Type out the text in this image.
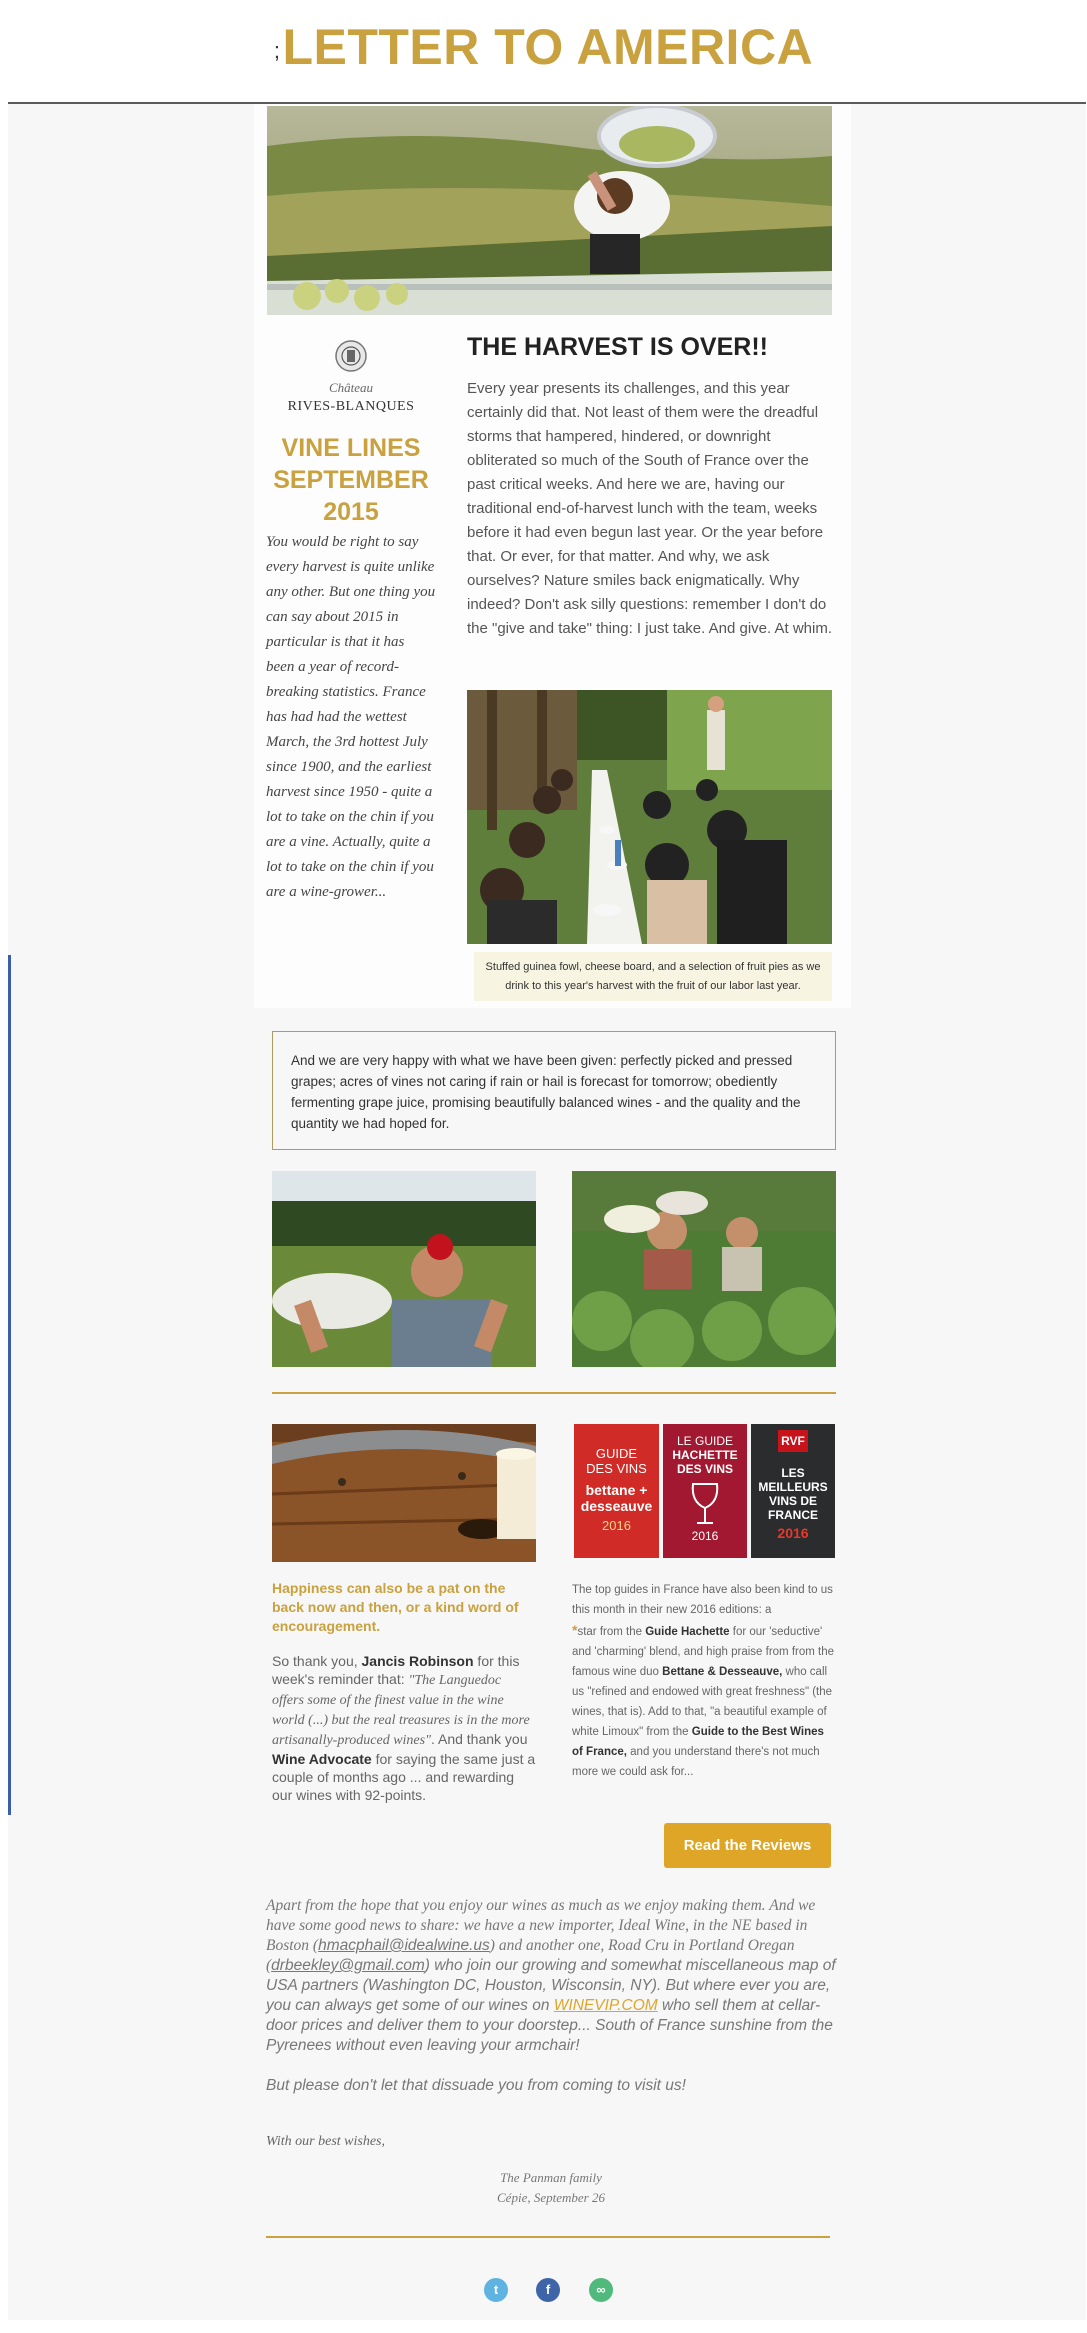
;LETTER TO AMERICA
Château
RIVES-BLANQUES
VINE LINES
SEPTEMBER
2015
You would be right to say every harvest is quite unlike any other. But one thing you can say about 2015 in particular is that it has been a year of record-breaking statistics. France has had had the wettest March, the 3rd hottest July since 1900, and the earliest harvest since 1950 - quite a lot to take on the chin if you are a vine. Actually, quite a lot to take on the chin if you are a wine-grower...
THE HARVEST IS OVER!!
Every year presents its challenges, and this year certainly did that. Not least of them were the dreadful storms that hampered, hindered, or downright obliterated so much of the South of France over the past critical weeks. And here we are, having our traditional end-of-harvest lunch with the team, weeks before it had even begun last year. Or the year before that. Or ever, for that matter. And why, we ask ourselves? Nature smiles back enigmatically. Why indeed? Don't ask silly questions: remember I don't do the "give and take" thing: I just take. And give. At whim.
Stuffed guinea fowl, cheese board, and a selection of fruit pies as we drink to this year's harvest with the fruit of our labor last year.
And we are very happy with what we have been given: perfectly picked and pressed grapes; acres of vines not caring if rain or hail is forecast for tomorrow; obediently fermenting grape juice, promising beautifully balanced wines - and the quality and the quantity we had hoped for.
GUIDE
DES VINS
bettane + desseauve
2016
LE GUIDE
HACHETTE DES VINS
2016
RVF
LES MEILLEURS
VINS DE FRANCE
2016
Happiness can also be a pat on the back now and then, or a kind word of encouragement.
So thank you, Jancis Robinson for this week's reminder that: "The Languedoc offers some of the finest value in the wine world (...) but the real treasures is in the more artisanally-produced wines". And thank you Wine Advocate for saying the same just a couple of months ago ... and rewarding our wines with 92-points.
The top guides in France have also been kind to us this month in their new 2016 editions: a
*star from the Guide Hachette for our 'seductive' and 'charming' blend, and high praise from from the famous wine duo Bettane & Desseauve, who call us "refined and endowed with great freshness" (the wines, that is). Add to that, "a beautiful example of white Limoux" from the Guide to the Best Wines of France, and you understand there's not much more we could ask for...
Read the Reviews
Apart from the hope that you enjoy our wines as much as we enjoy making them. And we have some good news to share: we have a new importer, Ideal Wine, in the NE based in Boston (hmacphail@idealwine.us) and another one, Road Cru in Portland Oregan (drbeekley@gmail.com) who join our growing and somewhat miscellaneous map of USA partners (Washington DC, Houston, Wisconsin, NY). But where ever you are, you can always get some of our wines on WINEVIP.COM who sell them at cellar-door prices and deliver them to your doorstep... South of France sunshine from the Pyrenees without even leaving your armchair!
But please don't let that dissuade you from coming to visit us!
With our best wishes,
The Panman family
Cépie, September 26
t	f	∞
